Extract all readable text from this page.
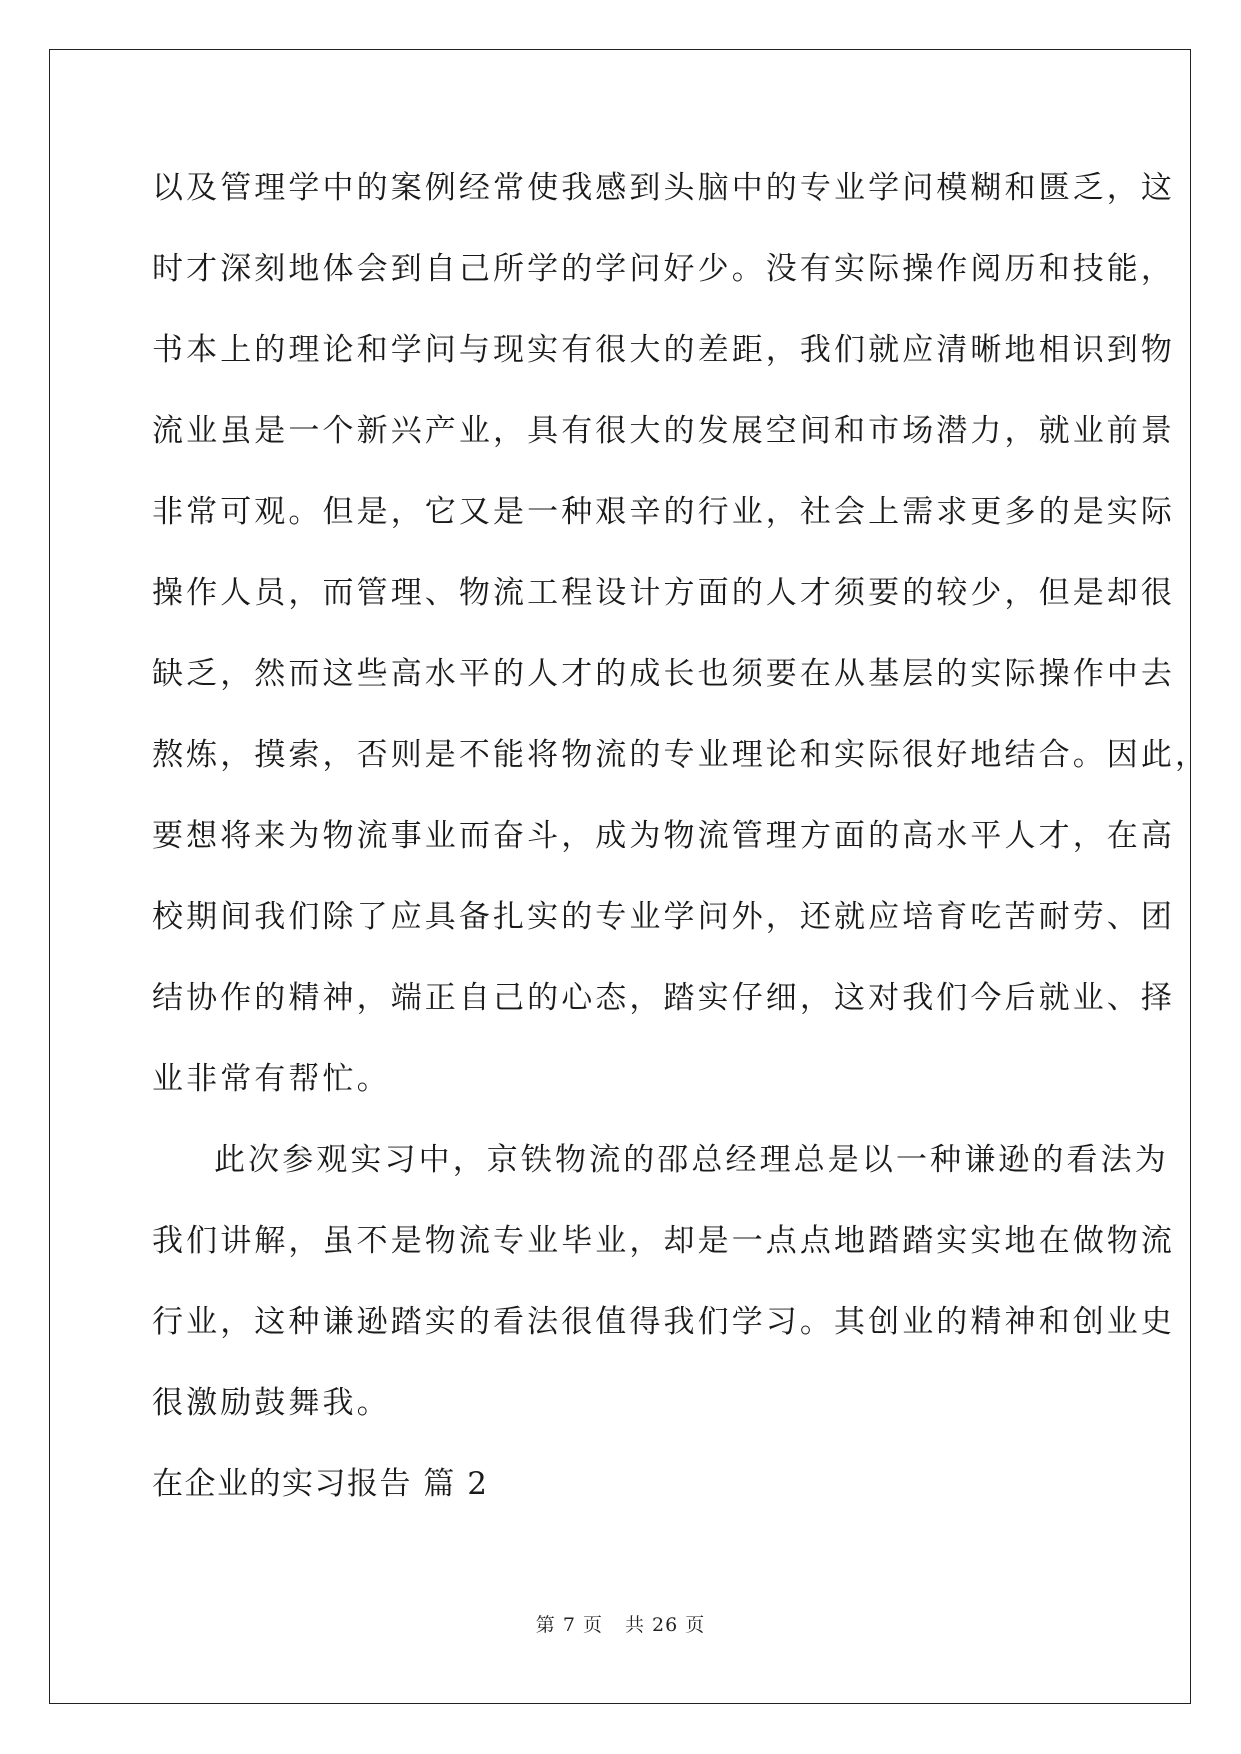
以及管理学中的案例经常使我感到头脑中的专业学问模糊和匮乏，这
时才深刻地体会到自己所学的学问好少。没有实际操作阅历和技能，
书本上的理论和学问与现实有很大的差距，我们就应清晰地相识到物
流业虽是一个新兴产业，具有很大的发展空间和市场潜力，就业前景
非常可观。但是，它又是一种艰辛的行业，社会上需求更多的是实际
操作人员，而管理、物流工程设计方面的人才须要的较少，但是却很
缺乏，然而这些高水平的人才的成长也须要在从基层的实际操作中去
熬炼，摸索，否则是不能将物流的专业理论和实际很好地结合。因此，
要想将来为物流事业而奋斗，成为物流管理方面的高水平人才，在高
校期间我们除了应具备扎实的专业学问外，还就应培育吃苦耐劳、团
结协作的精神，端正自己的心态，踏实仔细，这对我们今后就业、择
业非常有帮忙。
此次参观实习中，京铁物流的邵总经理总是以一种谦逊的看法为
我们讲解，虽不是物流专业毕业，却是一点点地踏踏实实地在做物流
行业，这种谦逊踏实的看法很值得我们学习。其创业的精神和创业史
很激励鼓舞我。
在企业的实习报告 篇 2
第 7 页 共 26 页
